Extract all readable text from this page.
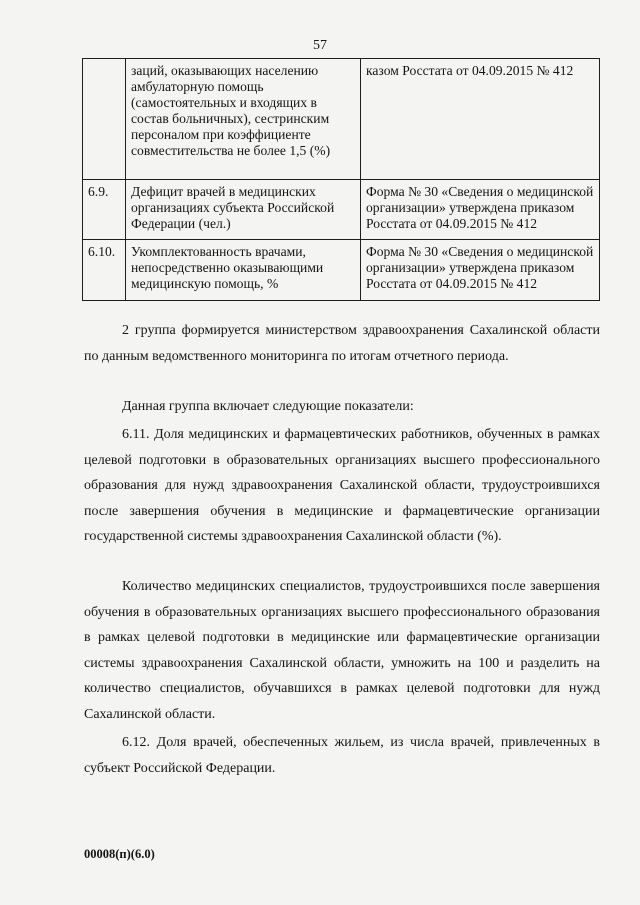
57
	заций, оказывающих населению амбулаторную помощь (самостоятельных и входящих в состав больничных), сестринским персоналом при коэффициенте совместительства не более 1,5 (%)	казом Росстата от 04.09.2015 № 412
6.9.	Дефицит врачей в медицинских организациях субъекта Российской Федерации (чел.)	Форма № 30 «Сведения о медицинской организации» утверждена приказом Росстата от 04.09.2015 № 412
6.10.	Укомплектованность врачами, непосредственно оказывающими медицинскую помощь, %	Форма № 30 «Сведения о медицинской организации» утверждена приказом Росстата от 04.09.2015 № 412

2 группа формируется министерством здравоохранения Сахалинской области по данным ведомственного мониторинга по итогам отчетного периода.

Данная группа включает следующие показатели:

6.11. Доля медицинских и фармацевтических работников, обученных в рамках целевой подготовки в образовательных организациях высшего профессионального образования для нужд здравоохранения Сахалинской области, трудоустроившихся после завершения обучения в медицинские и фармацевтические организации государственной системы здравоохранения Сахалинской области (%).

Количество медицинских специалистов, трудоустроившихся после завершения обучения в образовательных организациях высшего профессионального образования в рамках целевой подготовки в медицинские или фармацевтические организации системы здравоохранения Сахалинской области, умножить на 100 и разделить на количество специалистов, обучавшихся в рамках целевой подготовки для нужд Сахалинской области.

6.12. Доля врачей, обеспеченных жильем, из числа врачей, привлеченных в субъект Российской Федерации.

00008(п)(6.0)
